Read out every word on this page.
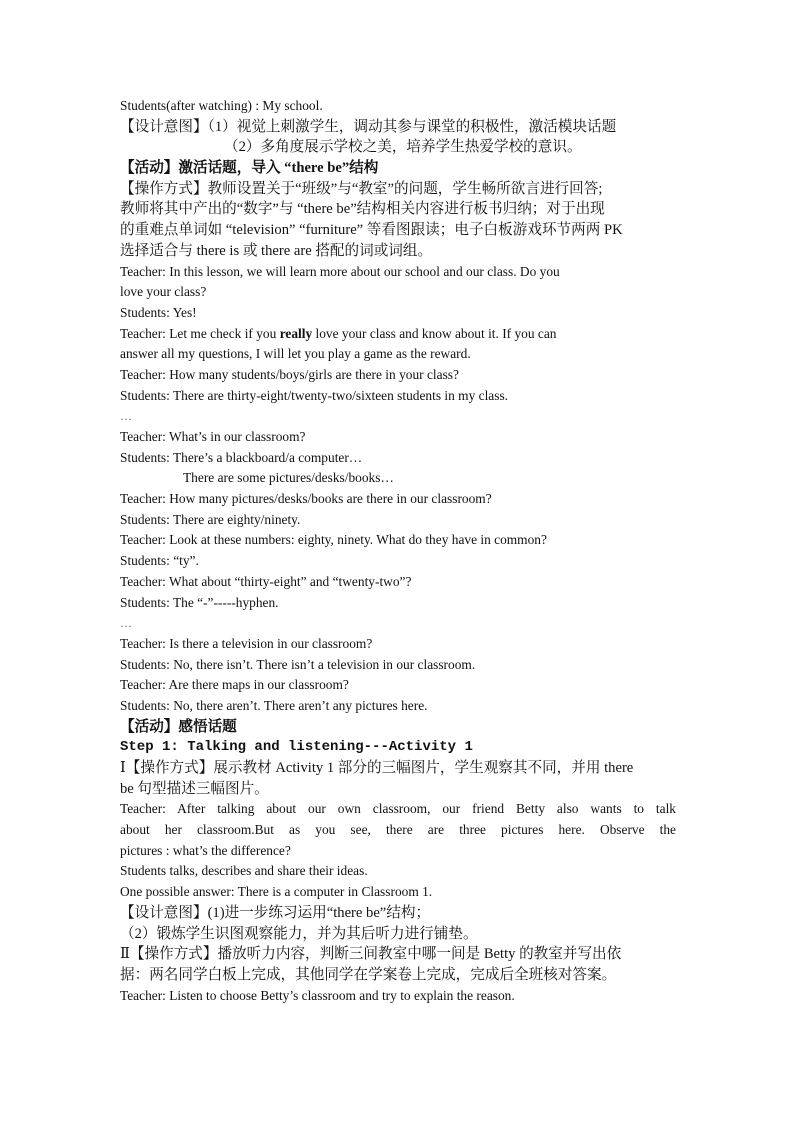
Students(after watching) : My school.
【设计意图】（1）视觉上刺激学生，调动其参与课堂的积极性，激活模块话题
（2）多角度展示学校之美，培养学生热爱学校的意识。
【活动】激活话题，导入 “there be”结构
【操作方式】教师设置关于“班级”与“教室”的问题，学生畅所欲言进行回答;
教师将其中产出的“数字”与 “there be”结构相关内容进行板书归纳；对于出现
的重难点单词如 “television” “furniture” 等看图跟读；电子白板游戏环节两两 PK
选择适合与 there is 或 there are 搭配的词或词组。
Teacher: In this lesson, we will learn more about our school and our class. Do you
love your class?
Students: Yes!
Teacher: Let me check if you really love your class and know about it. If you can
answer all my questions, I will let you play a game as the reward.
Teacher: How many students/boys/girls are there in your class?
Students: There are thirty-eight/twenty-two/sixteen students in my class.
…
Teacher: What’s in our classroom?
Students: There’s a blackboard/a computer…
There are some pictures/desks/books…
Teacher: How many pictures/desks/books are there in our classroom?
Students: There are eighty/ninety.
Teacher: Look at these numbers: eighty, ninety. What do they have in common?
Students: “ty”.
Teacher: What about “thirty-eight” and “twenty-two”?
Students: The “-”-----hyphen.
…
Teacher: Is there a television in our classroom?
Students: No, there isn’t. There isn’t a television in our classroom.
Teacher: Are there maps in our classroom?
Students: No, there aren’t. There aren’t any pictures here.
【活动】感悟话题
Step 1: Talking and listening---Activity 1
Ⅰ【操作方式】展示教材 Activity 1 部分的三幅图片，学生观察其不同，并用 there
be 句型描述三幅图片。
Teacher: After talking about our own classroom, our friend Betty also wants to talk
about her classroom.But as you see, there are three pictures here. Observe the
pictures : what’s the difference?
Students talks, describes and share their ideas.
One possible answer: There is a computer in Classroom 1.
【设计意图】(1)进一步练习运用“there be”结构；
（2）锻炼学生识图观察能力，并为其后听力进行铺垫。
Ⅱ【操作方式】播放听力内容，判断三间教室中哪一间是 Betty 的教室并写出依
据：两名同学白板上完成，其他同学在学案卷上完成，完成后全班核对答案。
Teacher: Listen to choose Betty’s classroom and try to explain the reason.
